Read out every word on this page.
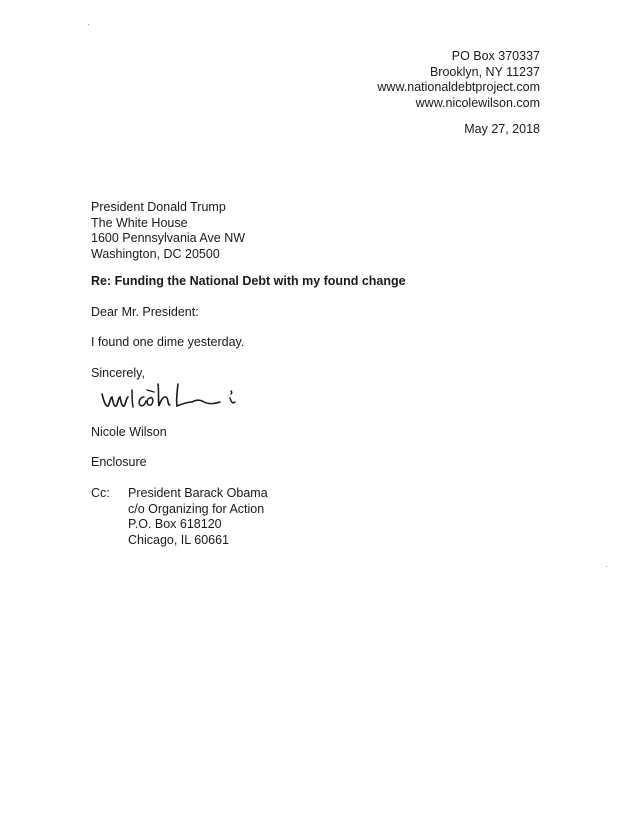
PO Box 370337
Brooklyn, NY 11237
www.nationaldebtproject.com
www.nicolewilson.com
May 27, 2018
President Donald Trump
The White House
1600 Pennsylvania Ave NW
Washington, DC 20500
Re: Funding the National Debt with my found change
Dear Mr. President:
I found one dime yesterday.
Sincerely,
Nicole Wilson
Enclosure
Cc: President Barack Obama
c/o Organizing for Action
P.O. Box 618120
Chicago, IL 60661
